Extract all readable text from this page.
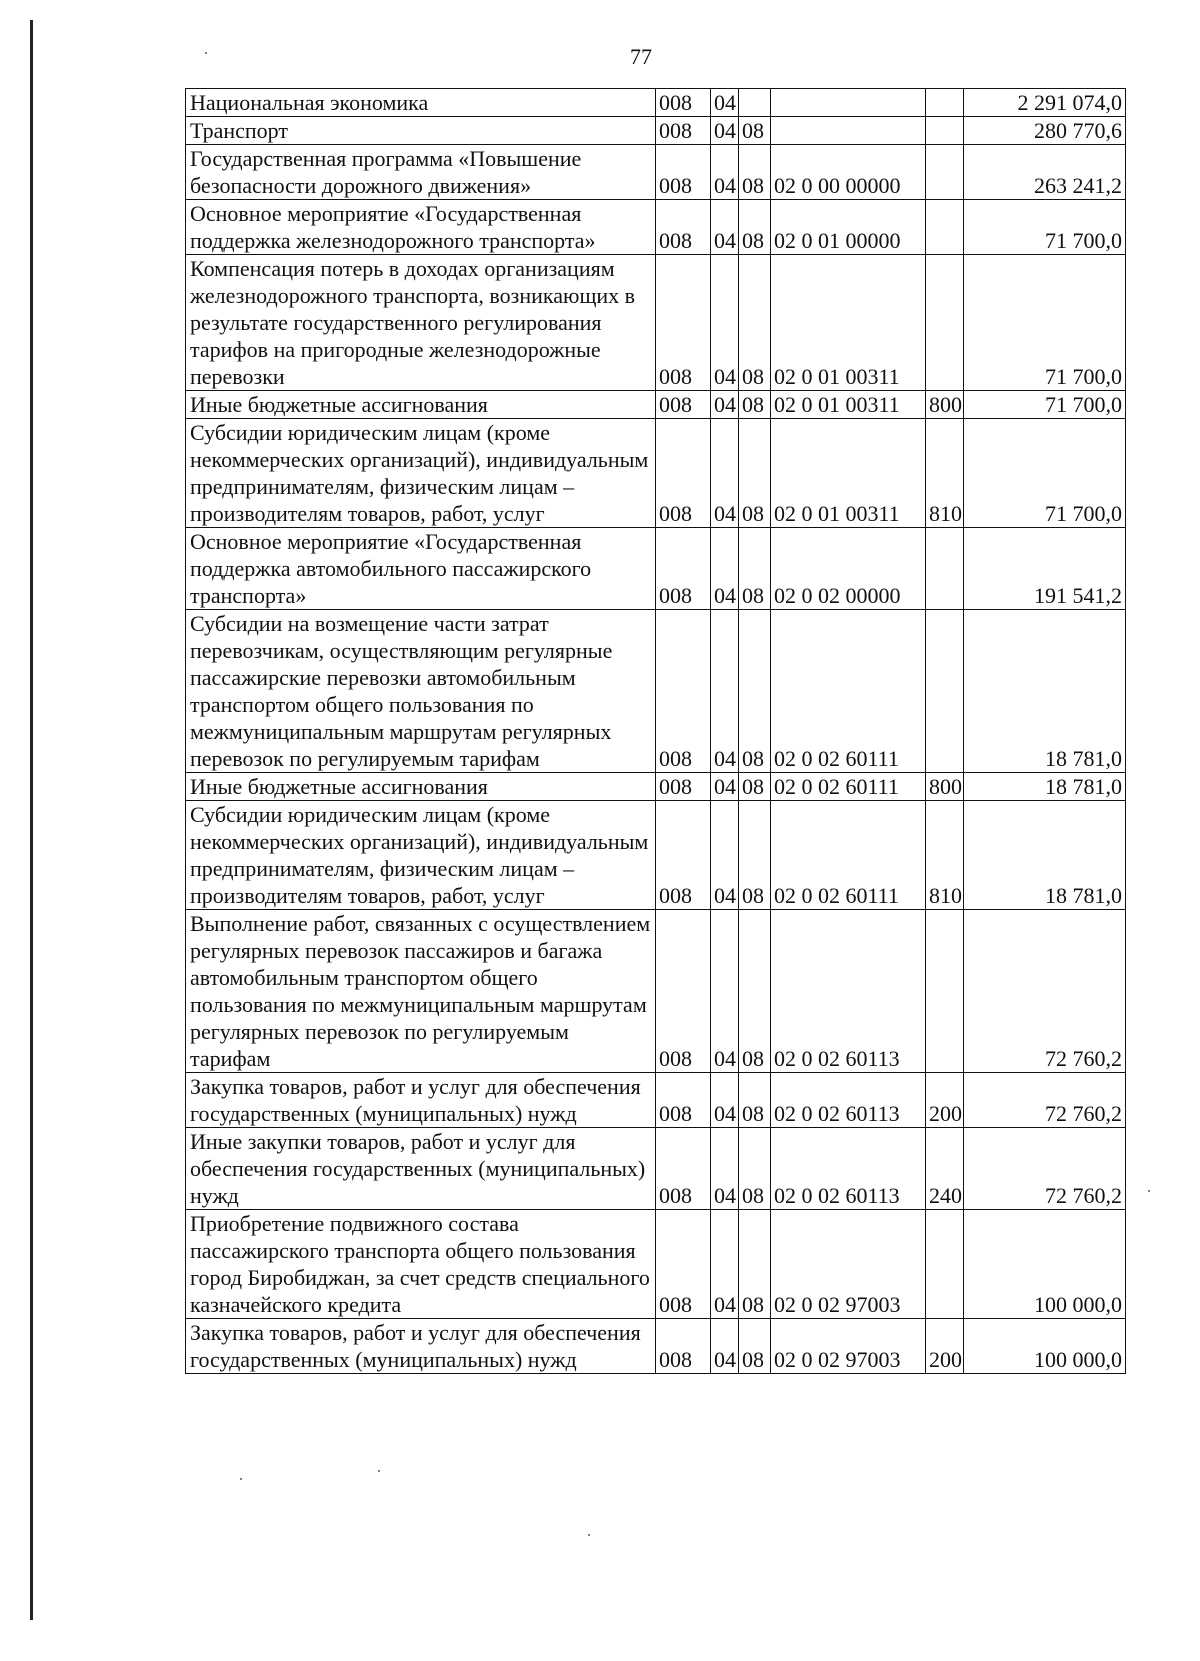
77
Национальная экономика	008	04				2 291 074,0
Транспорт	008	04	08			280 770,6
Государственная программа «Повышение безопасности дорожного движения»	008	04	08	02 0 00 00000		263 241,2
Основное мероприятие «Государственная поддержка железнодорожного транспорта»	008	04	08	02 0 01 00000		71 700,0
Компенсация потерь в доходах организациям железнодорожного транспорта, возникающих в результате государственного регулирования тарифов на пригородные железнодорожные перевозки	008	04	08	02 0 01 00311		71 700,0
Иные бюджетные ассигнования	008	04	08	02 0 01 00311	800	71 700,0
Субсидии юридическим лицам (кроме некоммерческих организаций), индивидуальным предпринимателям, физическим лицам – производителям товаров, работ, услуг	008	04	08	02 0 01 00311	810	71 700,0
Основное мероприятие «Государственная поддержка автомобильного пассажирского транспорта»	008	04	08	02 0 02 00000		191 541,2
Субсидии на возмещение части затрат перевозчикам, осуществляющим регулярные пассажирские перевозки автомобильным транспортом общего пользования по межмуниципальным маршрутам регулярных перевозок по регулируемым тарифам	008	04	08	02 0 02 60111		18 781,0
Иные бюджетные ассигнования	008	04	08	02 0 02 60111	800	18 781,0
Субсидии юридическим лицам (кроме некоммерческих организаций), индивидуальным предпринимателям, физическим лицам – производителям товаров, работ, услуг	008	04	08	02 0 02 60111	810	18 781,0
Выполнение работ, связанных с осуществлением регулярных перевозок пассажиров и багажа автомобильным транспортом общего пользования по межмуниципальным маршрутам регулярных перевозок по регулируемым тарифам	008	04	08	02 0 02 60113		72 760,2
Закупка товаров, работ и услуг для обеспечения государственных (муниципальных) нужд	008	04	08	02 0 02 60113	200	72 760,2
Иные закупки товаров, работ и услуг для обеспечения государственных (муниципальных) нужд	008	04	08	02 0 02 60113	240	72 760,2
Приобретение подвижного состава пассажирского транспорта общего пользования город Биробиджан, за счет средств специального казначейского кредита	008	04	08	02 0 02 97003		100 000,0
Закупка товаров, работ и услуг для обеспечения государственных (муниципальных) нужд	008	04	08	02 0 02 97003	200	100 000,0
